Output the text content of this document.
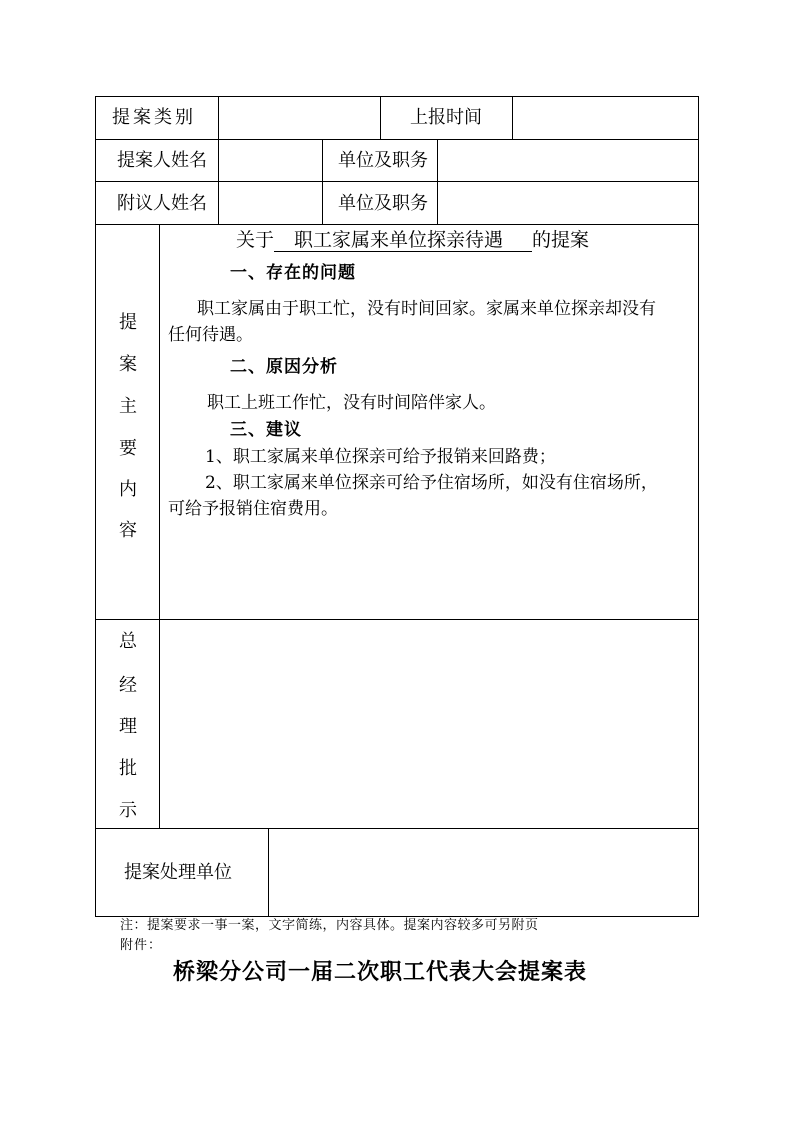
提案类别	上报时间
提案人姓名	单位及职务
附议人姓名	单位及职务
提
案
主
要
内
容
关于 职工家属来单位探亲待遇 的提案
一、存在的问题
职工家属由于职工忙，没有时间回家。家属来单位探亲却没有
任何待遇。
二、原因分析
职工上班工作忙，没有时间陪伴家人。
三、建议
1、职工家属来单位探亲可给予报销来回路费；
2、职工家属来单位探亲可给予住宿场所，如没有住宿场所，
可给予报销住宿费用。
总
经
理
批
示
提案处理单位
注：提案要求一事一案，文字简练，内容具体。提案内容较多可另附页
附件：
桥梁分公司一届二次职工代表大会提案表
